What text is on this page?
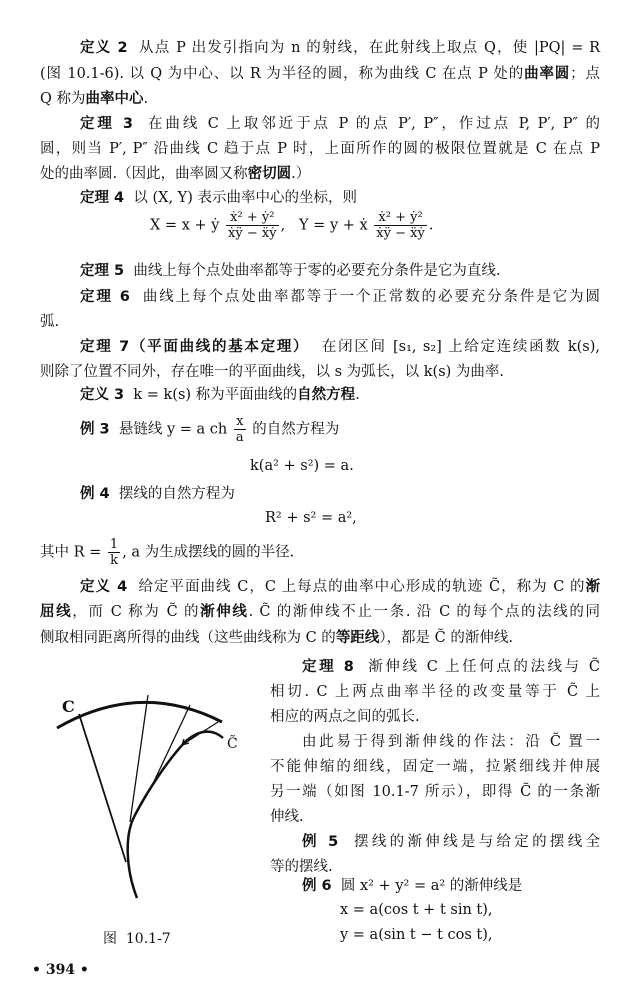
定义 2  从点 P 出发引指向为 n 的射线，在此射线上取点 Q，使 |PQ| = R
(图 10.1-6). 以 Q 为中心、以 R 为半径的圆，称为曲线 C 在点 P 处的曲率圆；点
Q 称为曲率中心.
定理 3  在曲线 C 上取邻近于点 P 的点 P′, P″，作过点 P, P′, P″ 的
圆，则当 P′, P″ 沿曲线 C 趋于点 P 时，上面所作的圆的极限位置就是 C 在点 P
处的曲率圆.（因此，曲率圆又称密切圆.）
定理 4  以 (X, Y) 表示曲率中心的坐标，则
X = x + ẏ $\frac{\text{ẋ² + ẏ²}}{\text{ẋÿ − ẍẏ}}$ ,   Y = y + ẋ $\frac{\text{ẋ² + ẏ²}}{\text{ẋÿ − ẍẏ}}$ .
定理 5  曲线上每个点处曲率都等于零的必要充分条件是它为直线.
定理 6  曲线上每个点处曲率都等于一个正常数的必要充分条件是它为圆
弧.
定理 7（平面曲线的基本定理）  在闭区间 [s₁, s₂] 上给定连续函数 k(s),
则除了位置不同外，存在唯一的平面曲线，以 s 为弧长，以 k(s) 为曲率.
定义 3  k = k(s) 称为平面曲线的自然方程.
例 3  悬链线 y = a ch $\frac{x}{a}$ 的自然方程为
k(a² + s²) = a.
例 4  摆线的自然方程为
R² + s² = a²,
其中 $R = \frac{1}{k}$ , a 为生成摆线的圆的半径.
定义 4  给定平面曲线 C，C 上每点的曲率中心形成的轨迹 C̃，称为 C 的渐
屈线，而 C 称为 C̃ 的渐伸线. C̃ 的渐伸线不止一条. 沿 C 的每个点的法线的同
侧取相同距离所得的曲线（这些曲线称为 C 的等距线），都是 C̃ 的渐伸线.
定理 8  渐伸线 C 上任何点的法线与 C̃
相切. C 上两点曲率半径的改变量等于 C̃ 上
相应的两点之间的弧长.
由此易于得到渐伸线的作法：沿 C̃ 置一
不能伸缩的细线，固定一端，拉紧细线并伸展
另一端（如图 10.1-7 所示），即得 C̃ 的一条渐
伸线.
例 5  摆线的渐伸线是与给定的摆线全
等的摆线.
例 6  圆 x² + y² = a² 的渐伸线是
x = a(cos t + t sin t),
y = a(sin t − t cos t),
C
C̃
图  10.1-7
• 394 •
